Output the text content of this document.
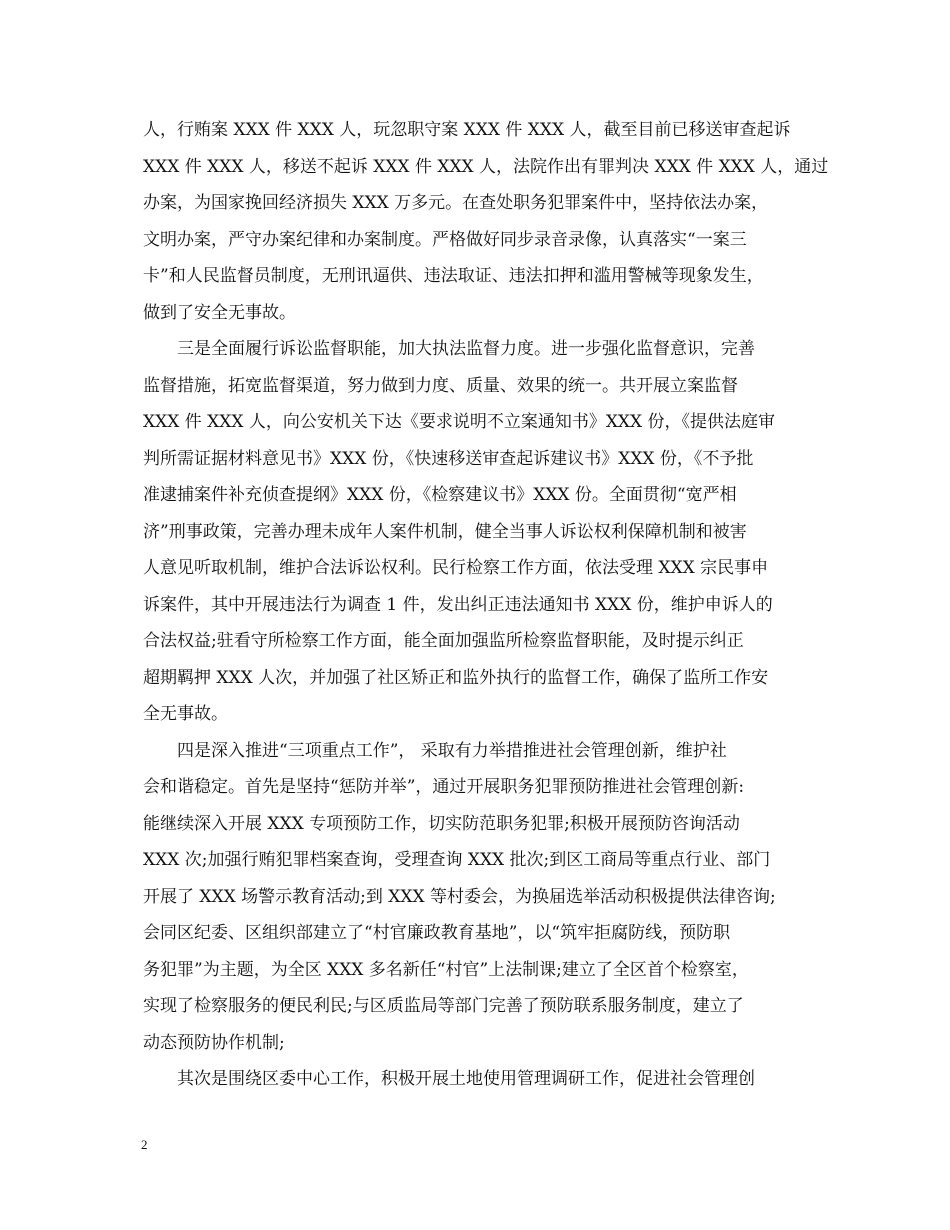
人，行贿案 XXX 件 XXX 人，玩忽职守案 XXX 件 XXX 人，截至目前已移送审查起诉
XXX 件 XXX 人，移送不起诉 XXX 件 XXX 人，法院作出有罪判决 XXX 件 XXX 人，通过
办案，为国家挽回经济损失 XXX 万多元。在查处职务犯罪案件中，坚持依法办案，
文明办案，严守办案纪律和办案制度。严格做好同步录音录像，认真落实“一案三
卡”和人民监督员制度，无刑讯逼供、违法取证、违法扣押和滥用警械等现象发生，
做到了安全无事故。

三是全面履行诉讼监督职能，加大执法监督力度。进一步强化监督意识，完善
监督措施，拓宽监督渠道，努力做到力度、质量、效果的统一。共开展立案监督
XXX 件 XXX 人，向公安机关下达《要求说明不立案通知书》XXX 份，《提供法庭审
判所需证据材料意见书》XXX 份，《快速移送审查起诉建议书》XXX 份，《不予批
准逮捕案件补充侦查提纲》XXX 份，《检察建议书》XXX 份。全面贯彻“宽严相
济”刑事政策，完善办理未成年人案件机制，健全当事人诉讼权利保障机制和被害
人意见听取机制，维护合法诉讼权利。民行检察工作方面，依法受理 XXX 宗民事申
诉案件，其中开展违法行为调查 1 件，发出纠正违法通知书 XXX 份，维护申诉人的
合法权益;驻看守所检察工作方面，能全面加强监所检察监督职能，及时提示纠正
超期羁押 XXX 人次，并加强了社区矫正和监外执行的监督工作，确保了监所工作安
全无事故。

四是深入推进“三项重点工作”， 采取有力举措推进社会管理创新，维护社
会和谐稳定。首先是坚持“惩防并举”，通过开展职务犯罪预防推进社会管理创新:
能继续深入开展 XXX 专项预防工作，切实防范职务犯罪;积极开展预防咨询活动
XXX 次;加强行贿犯罪档案查询，受理查询 XXX 批次;到区工商局等重点行业、部门
开展了 XXX 场警示教育活动;到 XXX 等村委会，为换届选举活动积极提供法律咨询;
会同区纪委、区组织部建立了“村官廉政教育基地”，以“筑牢拒腐防线，预防职
务犯罪”为主题，为全区 XXX 多名新任“村官”上法制课;建立了全区首个检察室，
实现了检察服务的便民利民;与区质监局等部门完善了预防联系服务制度，建立了
动态预防协作机制;

其次是围绕区委中心工作，积极开展土地使用管理调研工作，促进社会管理创

2
